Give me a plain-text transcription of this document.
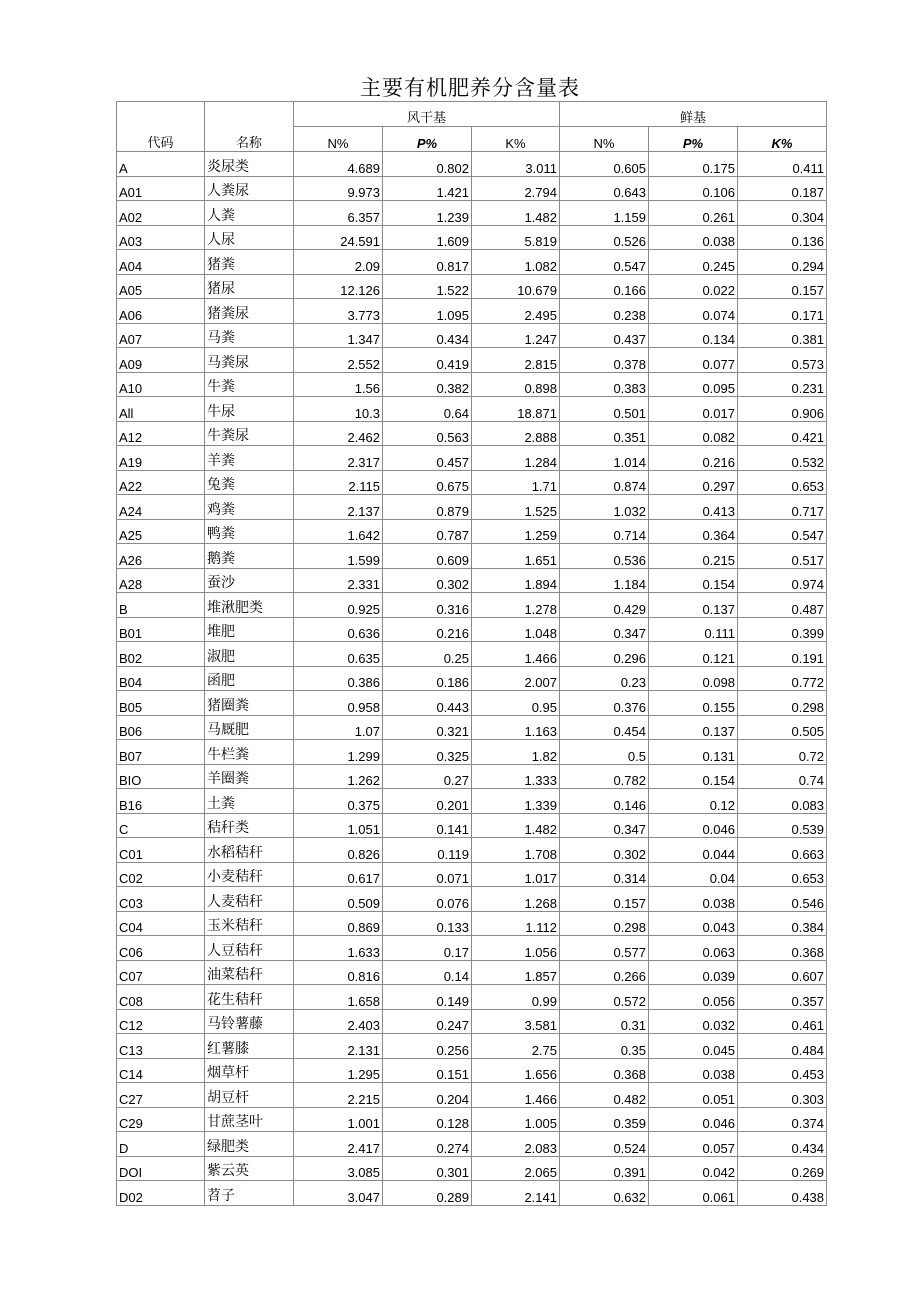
主要有机肥养分含量表
代码	名称	风干基			鲜基		
		N%	P%	K%	N%	P%	K%
A	炎尿类	4.689	0.802	3.011	0.605	0.175	0.411
A01	人粪尿	9.973	1.421	2.794	0.643	0.106	0.187
A02	人粪	6.357	1.239	1.482	1.159	0.261	0.304
A03	人尿	24.591	1.609	5.819	0.526	0.038	0.136
A04	猪粪	2.09	0.817	1.082	0.547	0.245	0.294
A05	猪尿	12.126	1.522	10.679	0.166	0.022	0.157
A06	猪粪尿	3.773	1.095	2.495	0.238	0.074	0.171
A07	马粪	1.347	0.434	1.247	0.437	0.134	0.381
A09	马粪尿	2.552	0.419	2.815	0.378	0.077	0.573
A10	牛粪	1.56	0.382	0.898	0.383	0.095	0.231
All	牛尿	10.3	0.64	18.871	0.501	0.017	0.906
A12	牛粪尿	2.462	0.563	2.888	0.351	0.082	0.421
A19	羊粪	2.317	0.457	1.284	1.014	0.216	0.532
A22	兔粪	2.115	0.675	1.71	0.874	0.297	0.653
A24	鸡粪	2.137	0.879	1.525	1.032	0.413	0.717
A25	鸭粪	1.642	0.787	1.259	0.714	0.364	0.547
A26	鹅粪	1.599	0.609	1.651	0.536	0.215	0.517
A28	蚕沙	2.331	0.302	1.894	1.184	0.154	0.974
B	堆湫肥类	0.925	0.316	1.278	0.429	0.137	0.487
B01	堆肥	0.636	0.216	1.048	0.347	0.111	0.399
B02	淑肥	0.635	0.25	1.466	0.296	0.121	0.191
B04	函肥	0.386	0.186	2.007	0.23	0.098	0.772
B05	猪圈粪	0.958	0.443	0.95	0.376	0.155	0.298
B06	马厩肥	1.07	0.321	1.163	0.454	0.137	0.505
B07	牛栏粪	1.299	0.325	1.82	0.5	0.131	0.72
BIO	羊圈粪	1.262	0.27	1.333	0.782	0.154	0.74
B16	土粪	0.375	0.201	1.339	0.146	0.12	0.083
C	秸秆类	1.051	0.141	1.482	0.347	0.046	0.539
C01	水稻秸秆	0.826	0.119	1.708	0.302	0.044	0.663
C02	小麦秸秆	0.617	0.071	1.017	0.314	0.04	0.653
C03	人麦秸秆	0.509	0.076	1.268	0.157	0.038	0.546
C04	玉米秸秆	0.869	0.133	1.112	0.298	0.043	0.384
C06	人豆秸秆	1.633	0.17	1.056	0.577	0.063	0.368
C07	油菜秸秆	0.816	0.14	1.857	0.266	0.039	0.607
C08	花生秸秆	1.658	0.149	0.99	0.572	0.056	0.357
C12	马铃薯藤	2.403	0.247	3.581	0.31	0.032	0.461
C13	红薯膝	2.131	0.256	2.75	0.35	0.045	0.484
C14	烟草杆	1.295	0.151	1.656	0.368	0.038	0.453
C27	胡豆杆	2.215	0.204	1.466	0.482	0.051	0.303
C29	甘蔗茎叶	1.001	0.128	1.005	0.359	0.046	0.374
D	绿肥类	2.417	0.274	2.083	0.524	0.057	0.434
DOI	紫云英	3.085	0.301	2.065	0.391	0.042	0.269
D02	苕子	3.047	0.289	2.141	0.632	0.061	0.438
